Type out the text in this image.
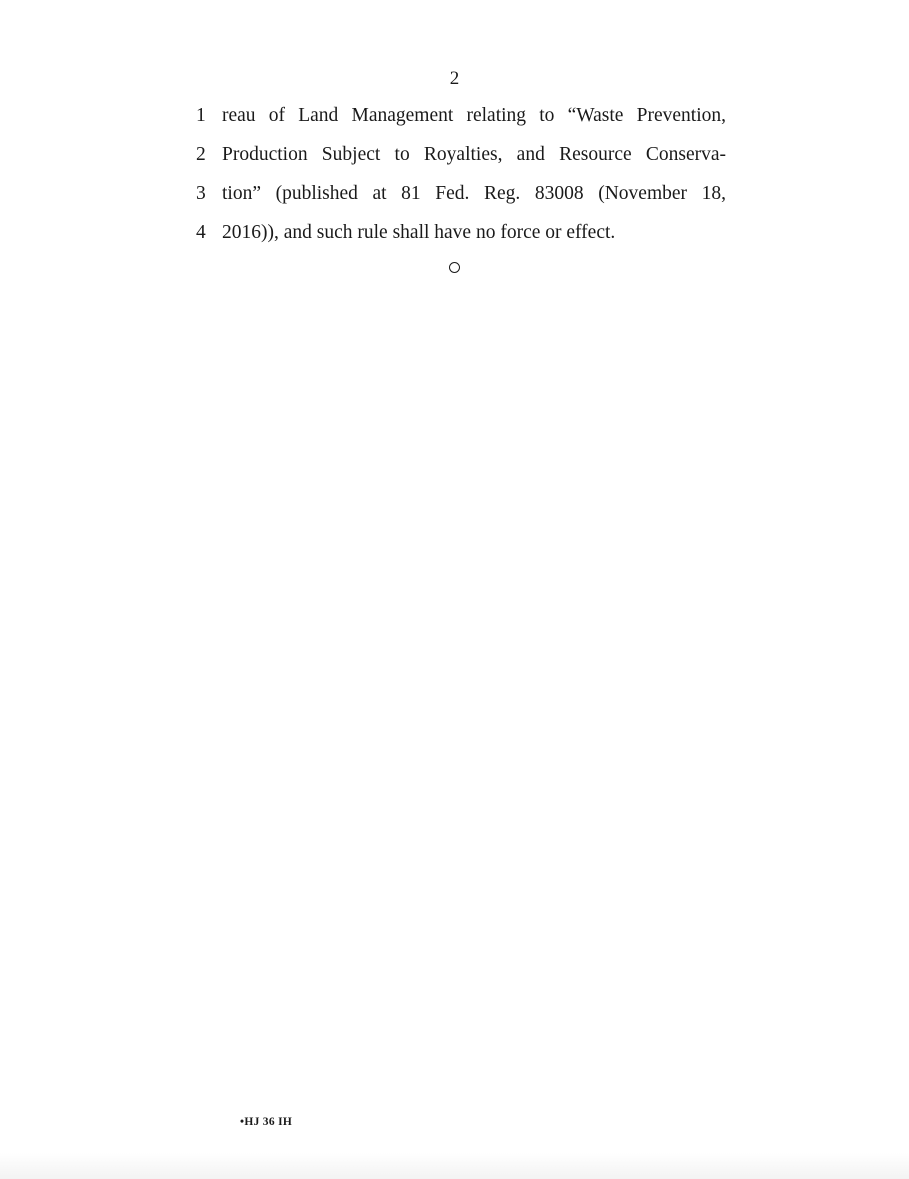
2
1 reau of Land Management relating to “Waste Prevention,
2 Production Subject to Royalties, and Resource Conserva-
3 tion” (published at 81 Fed. Reg. 83008 (November 18,
4 2016)), and such rule shall have no force or effect.
•HJ 36 IH
